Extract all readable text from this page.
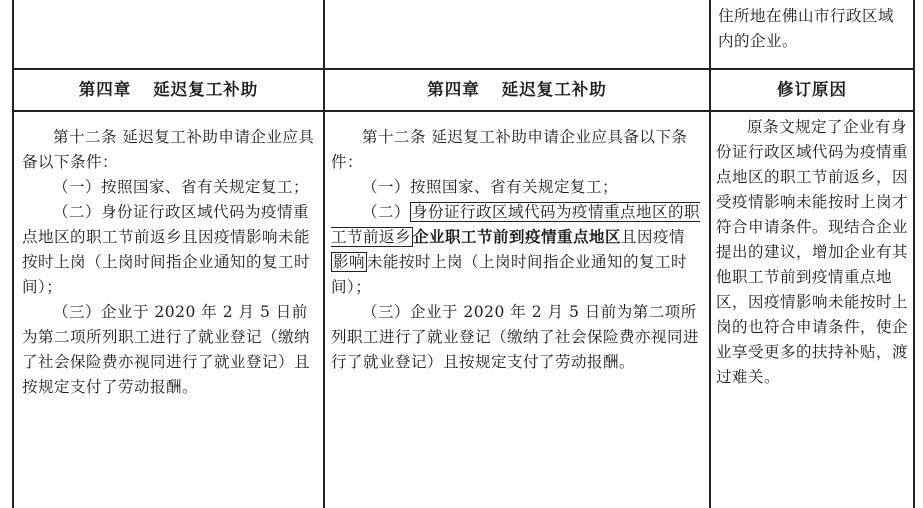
住所地在佛山市行政区域内的企业。
第四章 延迟复工补助	第四章 延迟复工补助	修订原因

第十二条 延迟复工补助申请企业应具备以下条件：

（一）按照国家、省有关规定复工；

（二）身份证行政区域代码为疫情重点地区的职工节前返乡且因疫情影响未能按时上岗（上岗时间指企业通知的复工时间）；

（三）企业于 2020 年 2 月 5 日前为第二项所列职工进行了就业登记（缴纳了社会保险费亦视同进行了就业登记）且按规定支付了劳动报酬。

第十二条 延迟复工补助申请企业应具备以下条件：

（一）按照国家、省有关规定复工；

（二） 身份证行政区域代码为疫情重点地区的职工节前返乡 企业职工节前到疫情重点地区且因疫情影响 未能按时上岗（上岗时间指企业通知的复工时间）；

（三）企业于 2020 年 2 月 5 日前为第二项所列职工进行了就业登记（缴纳了社会保险费亦视同进行了就业登记）且按规定支付了劳动报酬。

原条文规定了企业有身份证行政区域代码为疫情重点地区的职工节前返乡，因受疫情影响未能按时上岗才符合申请条件。现结合企业提出的建议，增加企业有其他职工节前到疫情重点地区，因疫情影响未能按时上岗的也符合申请条件，使企业享受更多的扶持补贴，渡过难关。
